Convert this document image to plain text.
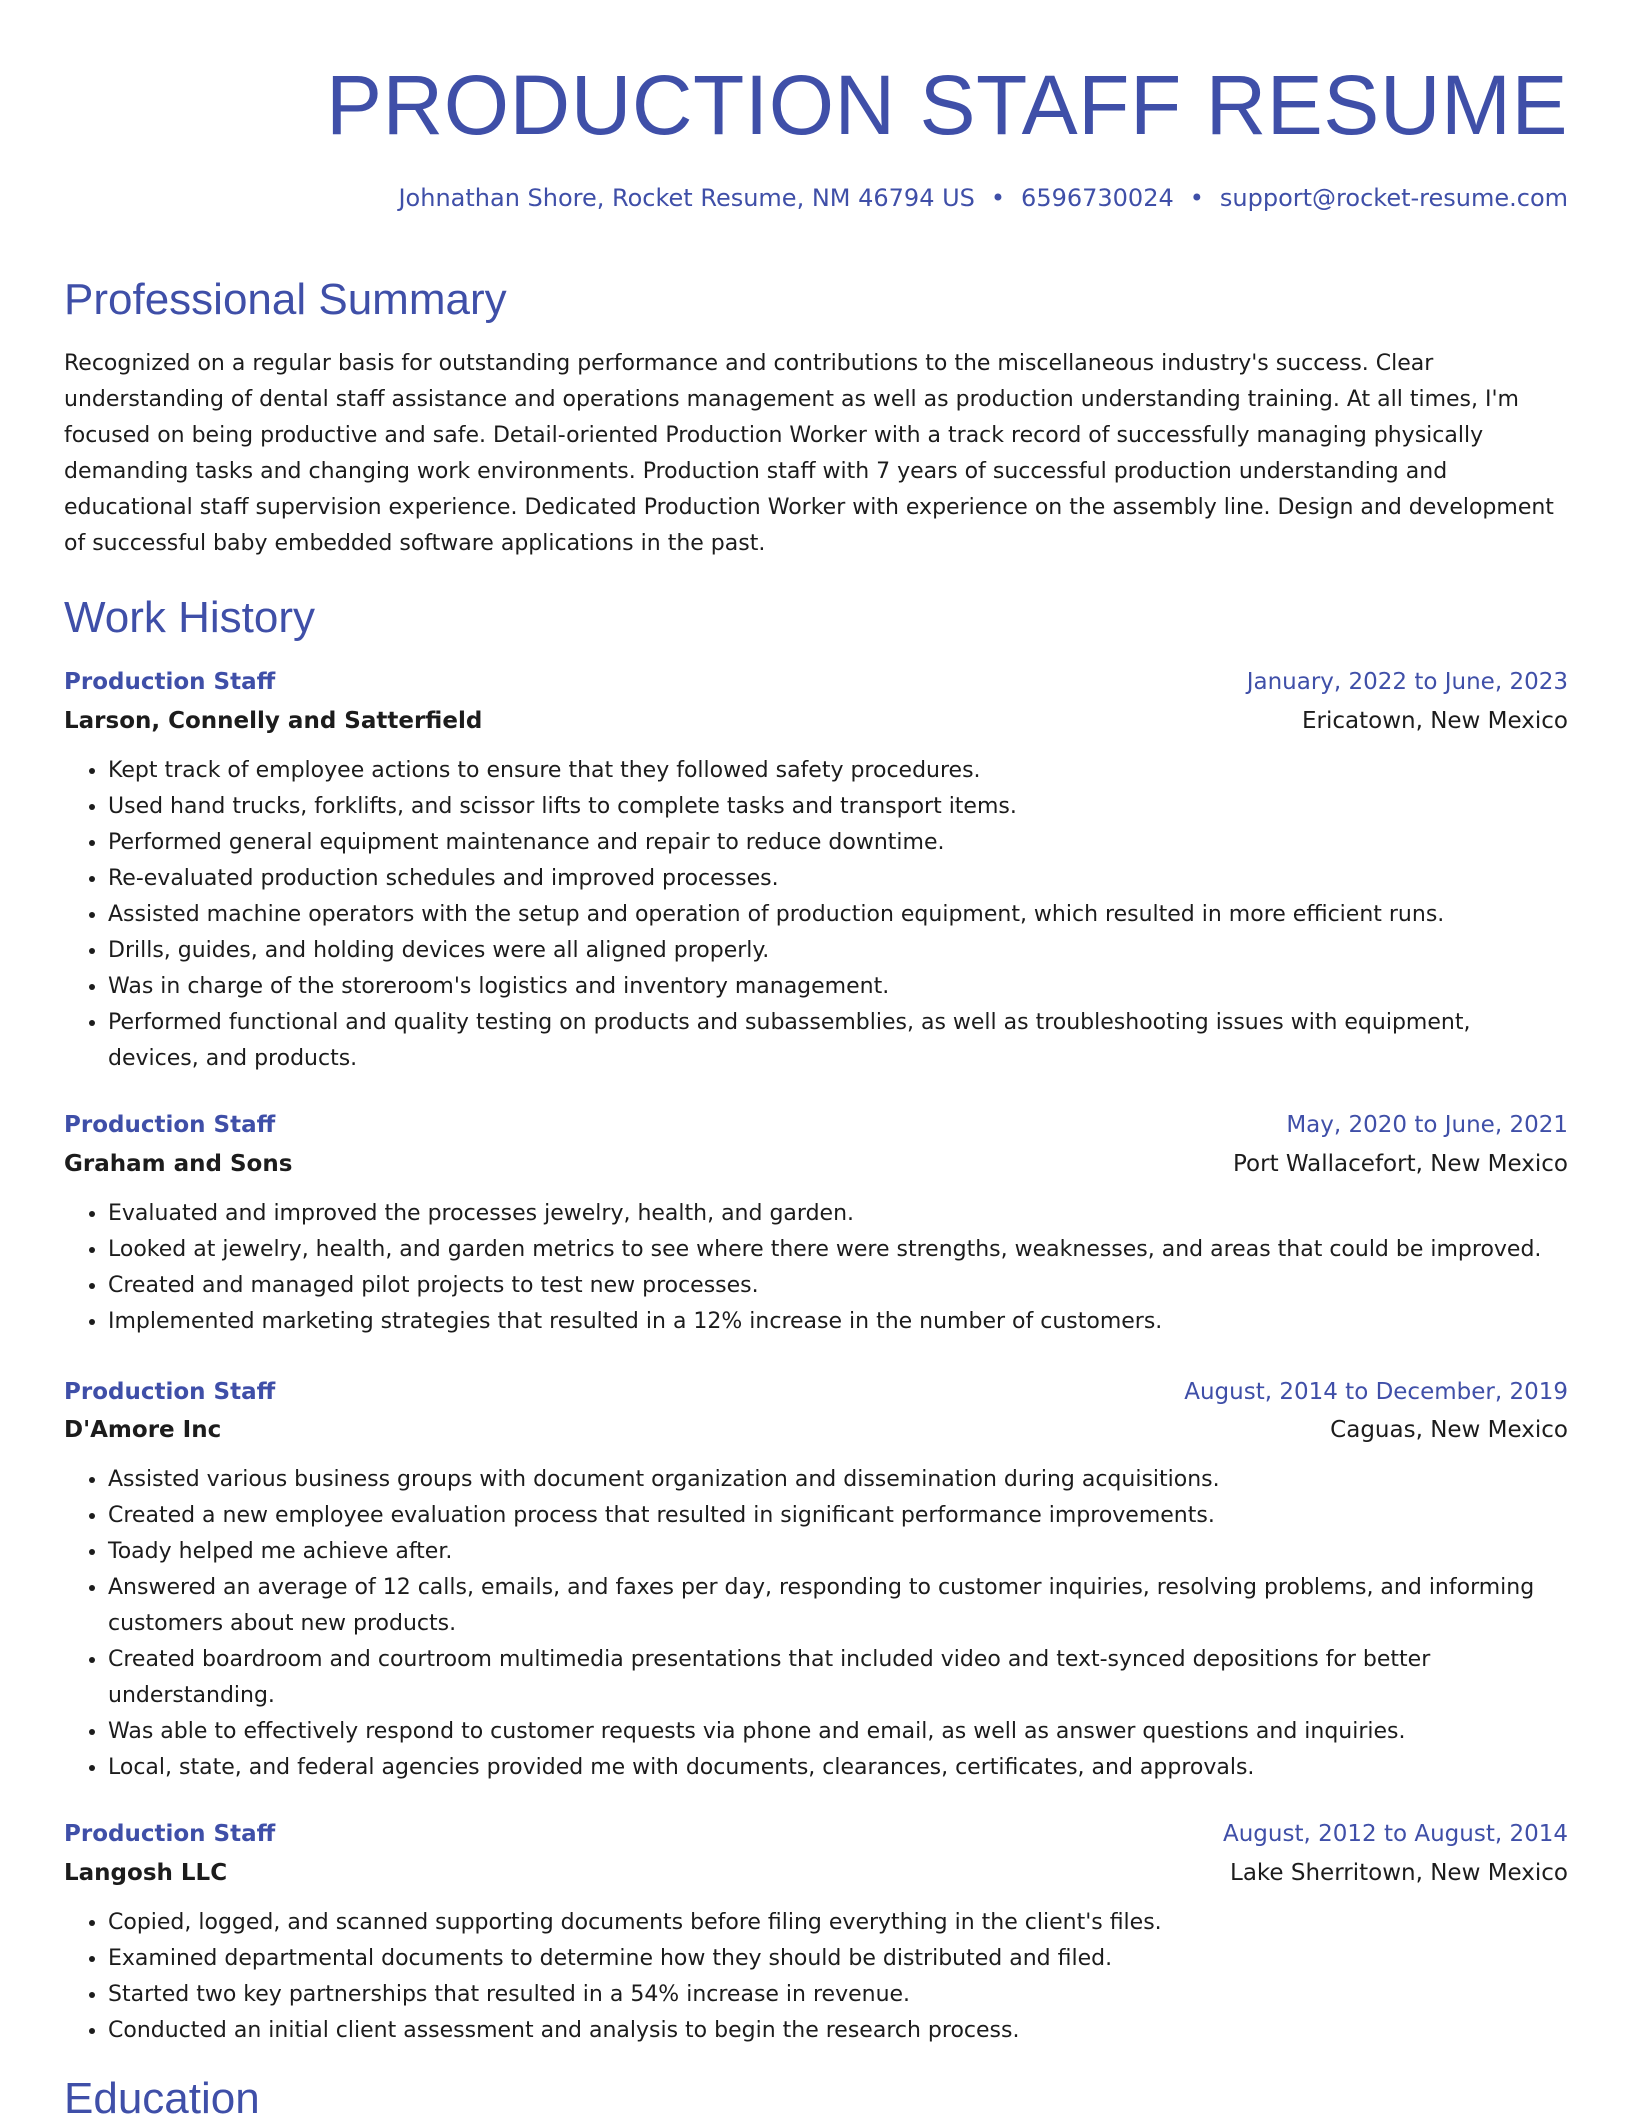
PRODUCTION STAFF RESUME
Johnathan Shore, Rocket Resume, NM 46794 US • 6596730024 • support@rocket-resume.com
Professional Summary
Recognized on a regular basis for outstanding performance and contributions to the miscellaneous industry's success. Clear understanding of dental staff assistance and operations management as well as production understanding training. At all times, I'm focused on being productive and safe. Detail-oriented Production Worker with a track record of successfully managing physically demanding tasks and changing work environments. Production staff with 7 years of successful production understanding and educational staff supervision experience. Dedicated Production Worker with experience on the assembly line. Design and development of successful baby embedded software applications in the past.
Work History
Production Staff	January, 2022 to June, 2023
Larson, Connelly and Satterfield	Ericatown, New Mexico
• Kept track of employee actions to ensure that they followed safety procedures.
• Used hand trucks, forklifts, and scissor lifts to complete tasks and transport items.
• Performed general equipment maintenance and repair to reduce downtime.
• Re-evaluated production schedules and improved processes.
• Assisted machine operators with the setup and operation of production equipment, which resulted in more efficient runs.
• Drills, guides, and holding devices were all aligned properly.
• Was in charge of the storeroom's logistics and inventory management.
• Performed functional and quality testing on products and subassemblies, as well as troubleshooting issues with equipment, devices, and products.
Production Staff	May, 2020 to June, 2021
Graham and Sons	Port Wallacefort, New Mexico
• Evaluated and improved the processes jewelry, health, and garden.
• Looked at jewelry, health, and garden metrics to see where there were strengths, weaknesses, and areas that could be improved.
• Created and managed pilot projects to test new processes.
• Implemented marketing strategies that resulted in a 12% increase in the number of customers.
Production Staff	August, 2014 to December, 2019
D'Amore Inc	Caguas, New Mexico
• Assisted various business groups with document organization and dissemination during acquisitions.
• Created a new employee evaluation process that resulted in significant performance improvements.
• Toady helped me achieve after.
• Answered an average of 12 calls, emails, and faxes per day, responding to customer inquiries, resolving problems, and informing customers about new products.
• Created boardroom and courtroom multimedia presentations that included video and text-synced depositions for better understanding.
• Was able to effectively respond to customer requests via phone and email, as well as answer questions and inquiries.
• Local, state, and federal agencies provided me with documents, clearances, certificates, and approvals.
Production Staff	August, 2012 to August, 2014
Langosh LLC	Lake Sherritown, New Mexico
• Copied, logged, and scanned supporting documents before filing everything in the client's files.
• Examined departmental documents to determine how they should be distributed and filed.
• Started two key partnerships that resulted in a 54% increase in revenue.
• Conducted an initial client assessment and analysis to begin the research process.
Education
